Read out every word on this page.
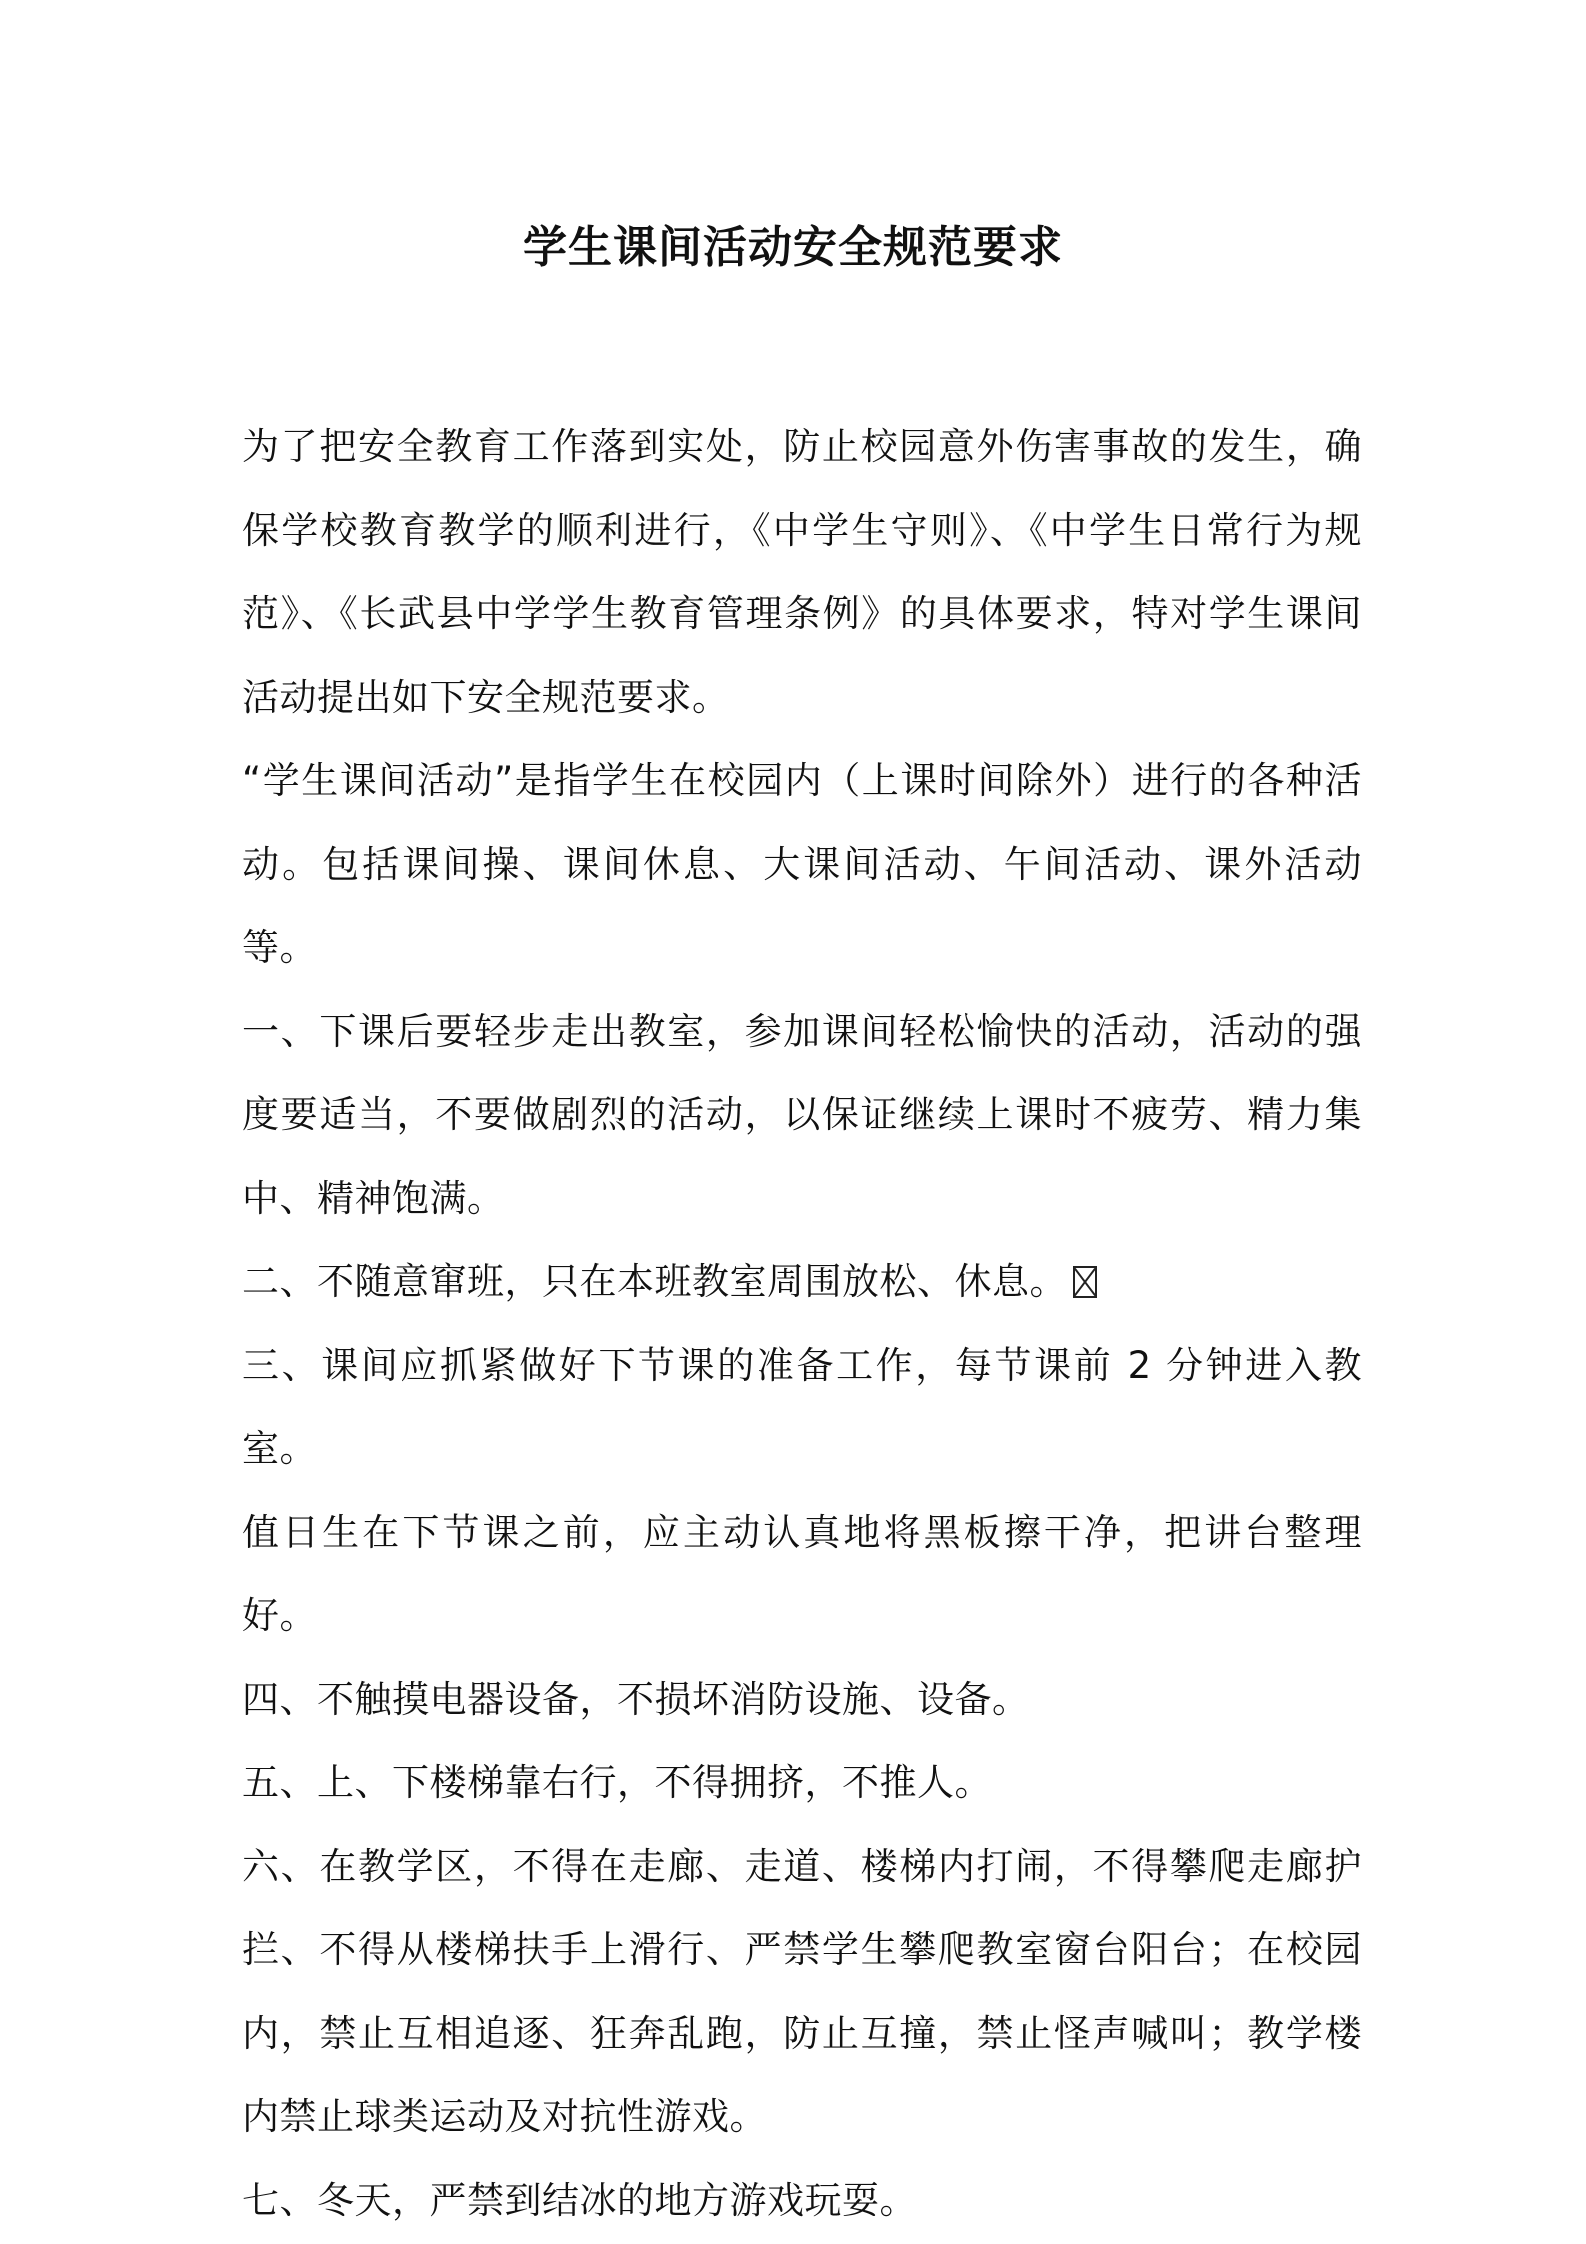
学生课间活动安全规范要求

为了把安全教育工作落到实处，防止校园意外伤害事故的发生，确保学校教育教学的顺利进行，《中学生守则》、《中学生日常行为规范》、《长武县中学学生教育管理条例》的具体要求，特对学生课间活动提出如下安全规范要求。

“学生课间活动”是指学生在校园内（上课时间除外）进行的各种活动。包括课间操、课间休息、大课间活动、午间活动、课外活动等。

一、下课后要轻步走出教室，参加课间轻松愉快的活动，活动的强度要适当，不要做剧烈的活动，以保证继续上课时不疲劳、精力集中、精神饱满。

二、不随意窜班，只在本班教室周围放松、休息。

三、课间应抓紧做好下节课的准备工作，每节课前 2 分钟进入教室。

值日生在下节课之前，应主动认真地将黑板擦干净，把讲台整理好。

四、不触摸电器设备，不损坏消防设施、设备。

五、上、下楼梯靠右行，不得拥挤，不推人。

六、在教学区，不得在走廊、走道、楼梯内打闹，不得攀爬走廊护拦、不得从楼梯扶手上滑行、严禁学生攀爬教室窗台阳台；在校园内，禁止互相追逐、狂奔乱跑，防止互撞，禁止怪声喊叫；教学楼内禁止球类运动及对抗性游戏。

七、冬天，严禁到结冰的地方游戏玩耍。
